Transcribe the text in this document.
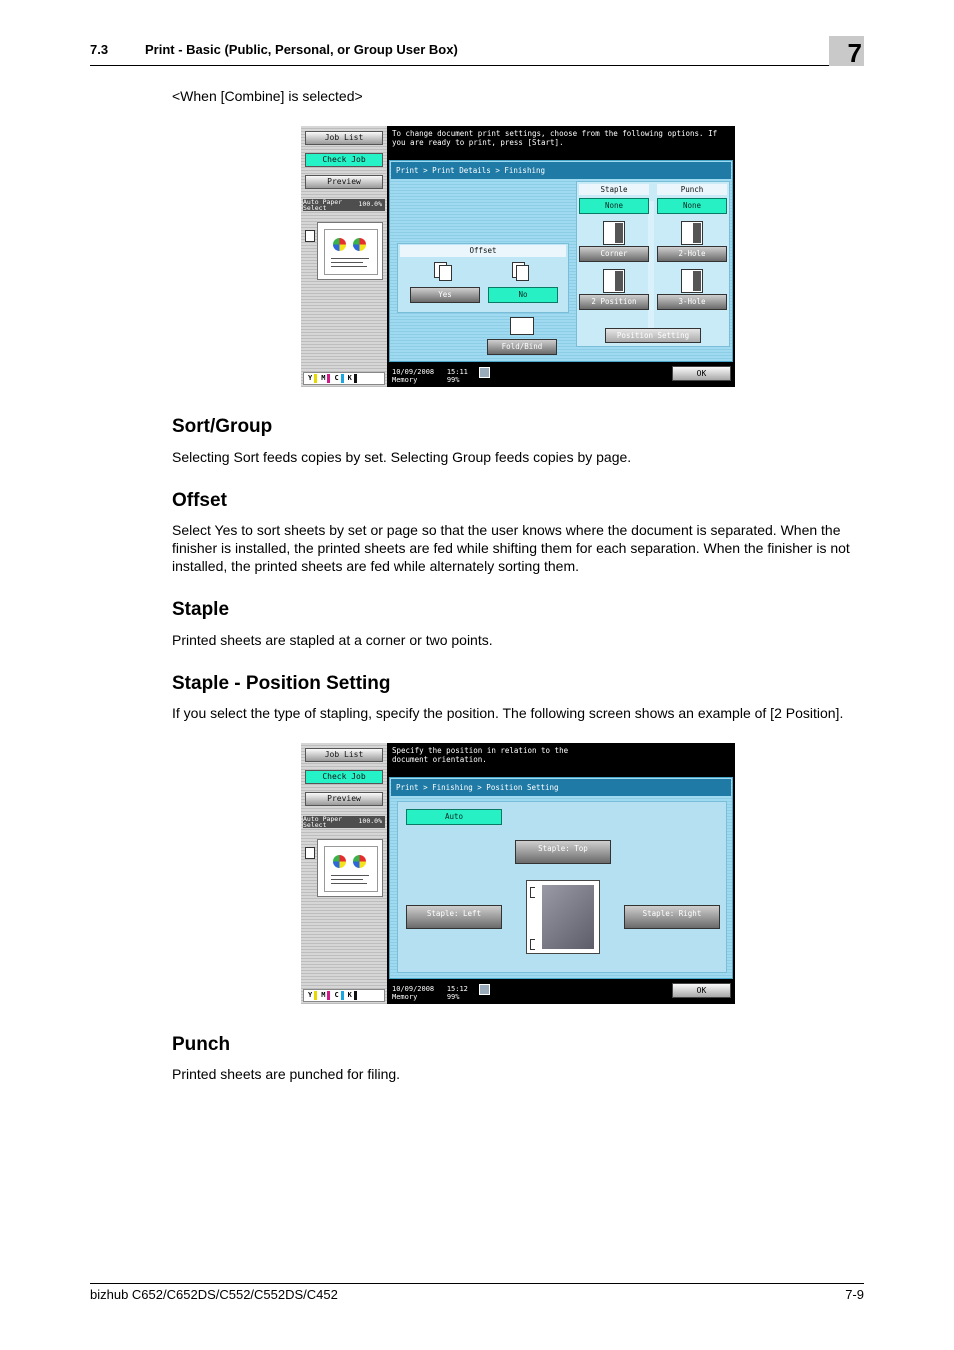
7.3	Print - Basic (Public, Personal, or Group User Box)	7
<When [Combine] is selected>
Job List
Check Job
Preview
Auto Paper Select	100.0%
Y M C K
To change document print settings, choose from the following options. If you are ready to print, press [Start].
Print > Print Details > Finishing
Offset
Yes	No
Fold/Bind
Staple	Punch
None	None
Corner	2-Hole
2 Position	3-Hole
Position Setting
10/09/2008 15:11
Memory	99%
OK
Sort/Group
Selecting Sort feeds copies by set. Selecting Group feeds copies by page.
Offset
Select Yes to sort sheets by set or page so that the user knows where the document is separated. When the finisher is installed, the printed sheets are fed while shifting them for each separation. When the finisher is not installed, the printed sheets are fed while alternately sorting them.
Staple
Printed sheets are stapled at a corner or two points.
Staple - Position Setting
If you select the type of stapling, specify the position. The following screen shows an example of [2 Position].
Job List
Check Job
Preview
Auto Paper Select	100.0%
Y M C K
Specify the position in relation to the document orientation.
Print > Finishing > Position Setting
Auto
Staple: Top
Staple: Left	Staple: Right
10/09/2008 15:12
Memory	99%
OK
Punch
Printed sheets are punched for filing.
bizhub C652/C652DS/C552/C552DS/C452	7-9
